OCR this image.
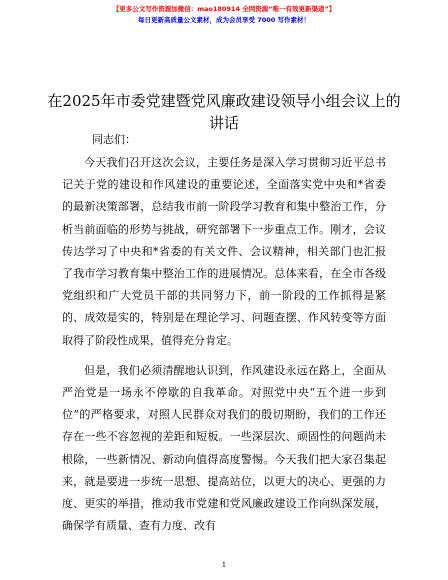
【更多公文写作资源加微信：mao180914 全网资源“唯一有效更新渠道”】
每日更新高质量公文素材，成为会员享受 7000 写作素材！
在2025年市委党建暨党风廉政建设领导小组会议上的讲话
同志们：

今天我们召开这次会议，主要任务是深入学习贯彻习近平总书记关于党的建设和作风建设的重要论述，全面落实党中央和*省委的最新决策部署，总结我市前一阶段学习教育和集中整治工作，分析当前面临的形势与挑战，研究部署下一步重点工作。刚才，会议传达学习了中央和*省委的有关文件、会议精神，相关部门也汇报了我市学习教育集中整治工作的进展情况。总体来看，在全市各级党组织和广大党员干部的共同努力下，前一阶段的工作抓得是紧的、成效是实的，特别是在理论学习、问题查摆、作风转变等方面取得了阶段性成果，值得充分肯定。

但是，我们必须清醒地认识到，作风建设永远在路上，全面从严治党是一场永不停歇的自我革命。对照党中央“五个进一步到位”的严格要求，对照人民群众对我们的殷切期盼，我们的工作还存在一些不容忽视的差距和短板。一些深层次、顽固性的问题尚未根除，一些新情况、新动向值得高度警惕。今天我们把大家召集起来，就是要进一步统一思想、提高站位，以更大的决心、更强的力度、更实的举措，推动我市党建和党风廉政建设工作向纵深发展，确保学有质量、查有力度、改有

1
